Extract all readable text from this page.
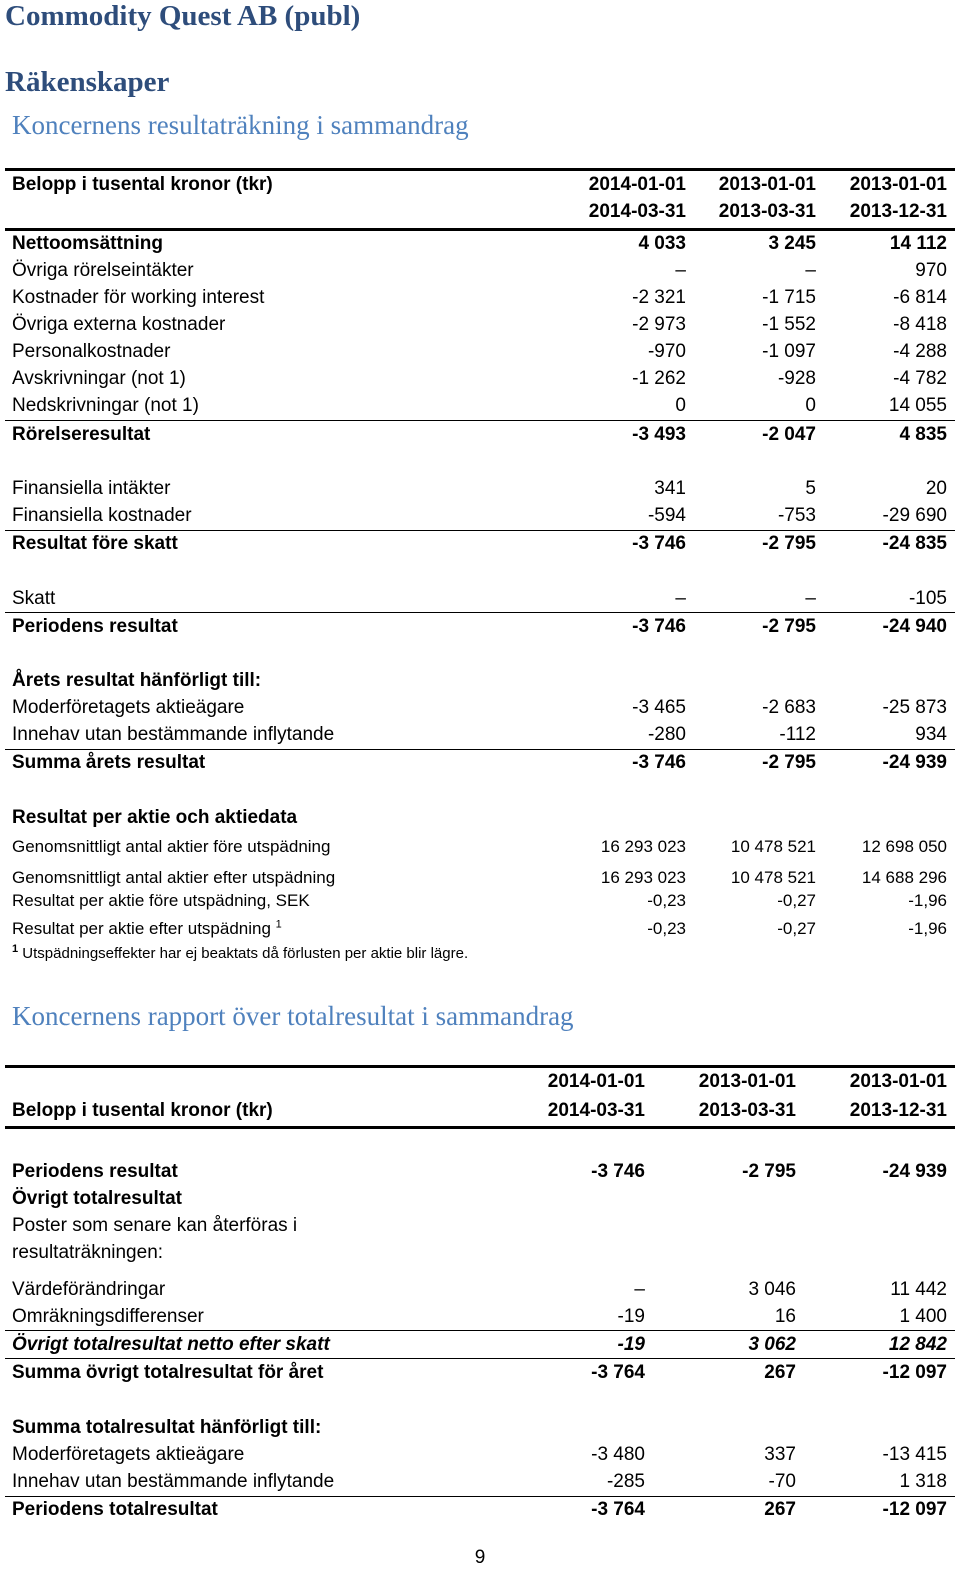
Commodity Quest AB (publ)
Räkenskaper
Koncernens resultaträkning i sammandrag
Belopp i tusental kronor (tkr)	2014-01-01	2013-01-01	2013-01-01
2014-03-31	2013-03-31	2013-12-31
Nettoomsättning	4 033	3 245	14 112
Övriga rörelseintäkter	–	–	970
Kostnader för working interest	-2 321	-1 715	-6 814
Övriga externa kostnader	-2 973	-1 552	-8 418
Personalkostnader	-970	-1 097	-4 288
Avskrivningar (not 1)	-1 262	-928	-4 782
Nedskrivningar (not 1)	0	0	14 055
Rörelseresultat	-3 493	-2 047	4 835
Finansiella intäkter	341	5	20
Finansiella kostnader	-594	-753	-29 690
Resultat före skatt	-3 746	-2 795	-24 835
Skatt	–	–	-105
Periodens resultat	-3 746	-2 795	-24 940
Årets resultat hänförligt till:
Moderföretagets aktieägare	-3 465	-2 683	-25 873
Innehav utan bestämmande inflytande	-280	-112	934
Summa årets resultat	-3 746	-2 795	-24 939
Resultat per aktie och aktiedata
Genomsnittligt antal aktier före utspädning	16 293 023	10 478 521	12 698 050
Genomsnittligt antal aktier efter utspädning	16 293 023	10 478 521	14 688 296
Resultat per aktie före utspädning, SEK	-0,23	-0,27	-1,96
Resultat per aktie efter utspädning $^1$	-0,23	-0,27	-1,96
$^1$ Utspädningseffekter har ej beaktats då förlusten per aktie blir lägre.
Koncernens rapport över totalresultat i sammandrag
2014-01-01	2013-01-01	2013-01-01
Belopp i tusental kronor (tkr)	2014-03-31	2013-03-31	2013-12-31
Periodens resultat	-3 746	-2 795	-24 939
Övrigt totalresultat
Poster som senare kan återföras i
resultaträkningen:
Värdeförändringar	–	3 046	11 442
Omräkningsdifferenser	-19	16	1 400
Övrigt totalresultat netto efter skatt	-19	3 062	12 842
Summa övrigt totalresultat för året	-3 764	267	-12 097
Summa totalresultat hänförligt till:
Moderföretagets aktieägare	-3 480	337	-13 415
Innehav utan bestämmande inflytande	-285	-70	1 318
Periodens totalresultat	-3 764	267	-12 097
9
